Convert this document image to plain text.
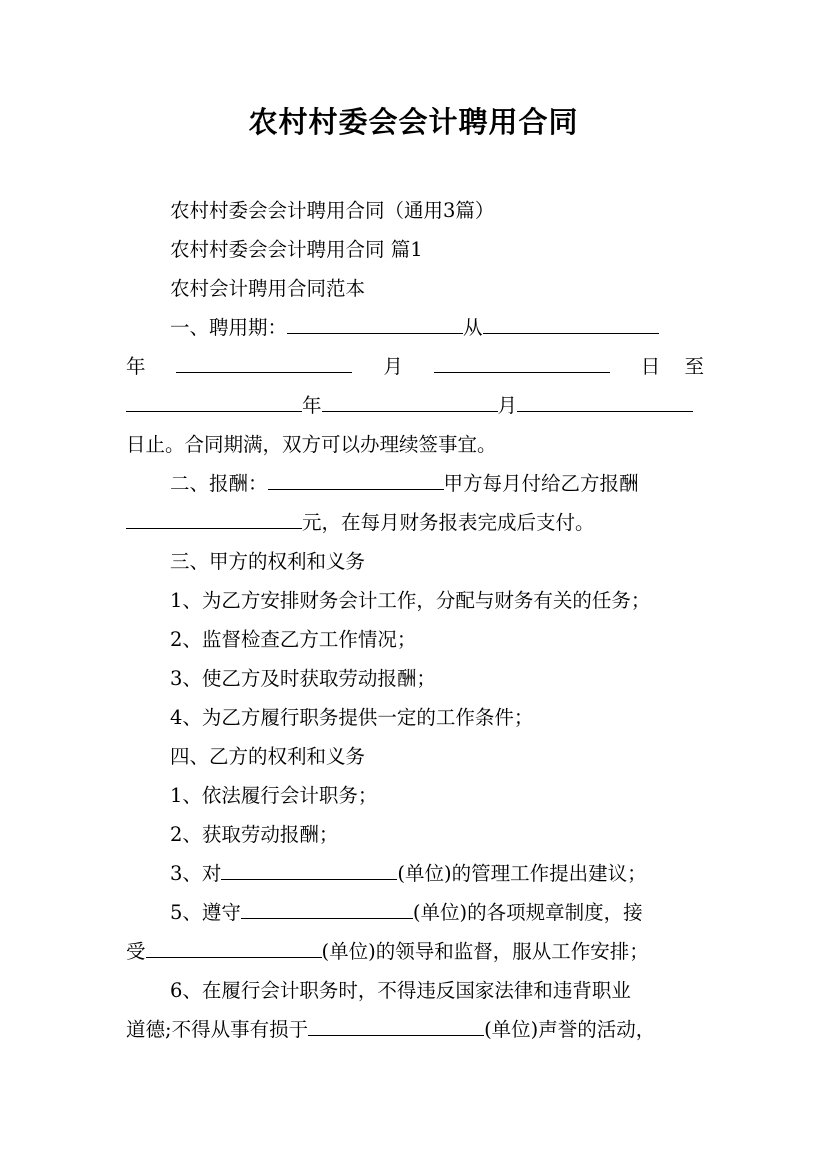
农村村委会会计聘用合同
农村村委会会计聘用合同（通用3篇）
农村村委会会计聘用合同 篇1
农村会计聘用合同范本
一、聘用期：	从
年	月	日 至
年	月
日止。合同期满，双方可以办理续签事宜。
二、报酬：	甲方每月付给乙方报酬
元，在每月财务报表完成后支付。
三、甲方的权利和义务
1、为乙方安排财务会计工作，分配与财务有关的任务；
2、监督检查乙方工作情况；
3、使乙方及时获取劳动报酬；
4、为乙方履行职务提供一定的工作条件；
四、乙方的权利和义务
1、依法履行会计职务；
2、获取劳动报酬；
3、对	(单位)的管理工作提出建议；
5、遵守	(单位)的各项规章制度，接
受	(单位)的领导和监督，服从工作安排；
6、在履行会计职务时，不得违反国家法律和违背职业
道德;不得从事有损于	(单位)声誉的活动，
